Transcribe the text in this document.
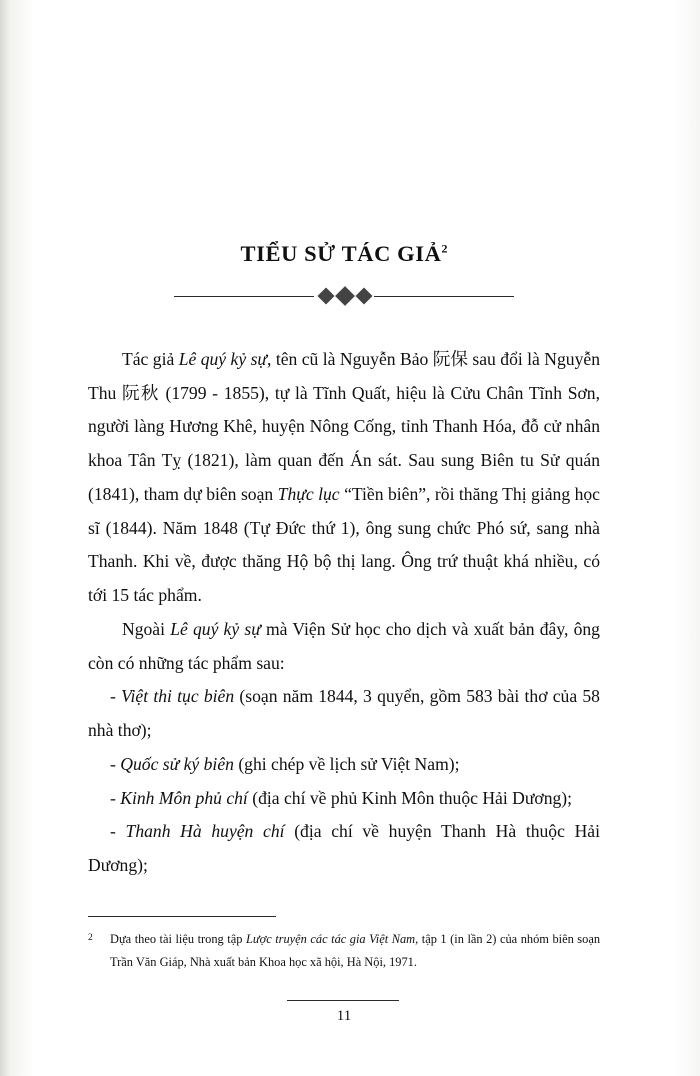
TIỂU SỬ TÁC GIẢ$^2$

Tác giả Lê quý kỷ sự, tên cũ là Nguyễn Bảo 阮保 sau đổi là Nguyễn Thu 阮秋 (1799 - 1855), tự là Tĩnh Quất, hiệu là Cửu Chân Tĩnh Sơn, người làng Hương Khê, huyện Nông Cống, tỉnh Thanh Hóa, đỗ cử nhân khoa Tân Tỵ (1821), làm quan đến Án sát. Sau sung Biên tu Sử quán (1841), tham dự biên soạn Thực lục “Tiền biên”, rồi thăng Thị giảng học sĩ (1844). Năm 1848 (Tự Đức thứ 1), ông sung chức Phó sứ, sang nhà Thanh. Khi về, được thăng Hộ bộ thị lang. Ông trứ thuật khá nhiều, có tới 15 tác phẩm.

Ngoài Lê quý kỷ sự mà Viện Sử học cho dịch và xuất bản đây, ông còn có những tác phẩm sau:

- Việt thi tục biên (soạn năm 1844, 3 quyển, gồm 583 bài thơ của 58 nhà thơ);

- Quốc sử ký biên (ghi chép về lịch sử Việt Nam);

- Kinh Môn phủ chí (địa chí về phủ Kinh Môn thuộc Hải Dương);

- Thanh Hà huyện chí (địa chí về huyện Thanh Hà thuộc Hải Dương);

2	Dựa theo tài liệu trong tập Lược truyện các tác gia Việt Nam, tập 1 (in lần 2) của nhóm biên soạn Trần Văn Giáp, Nhà xuất bản Khoa học xã hội, Hà Nội, 1971.
11
